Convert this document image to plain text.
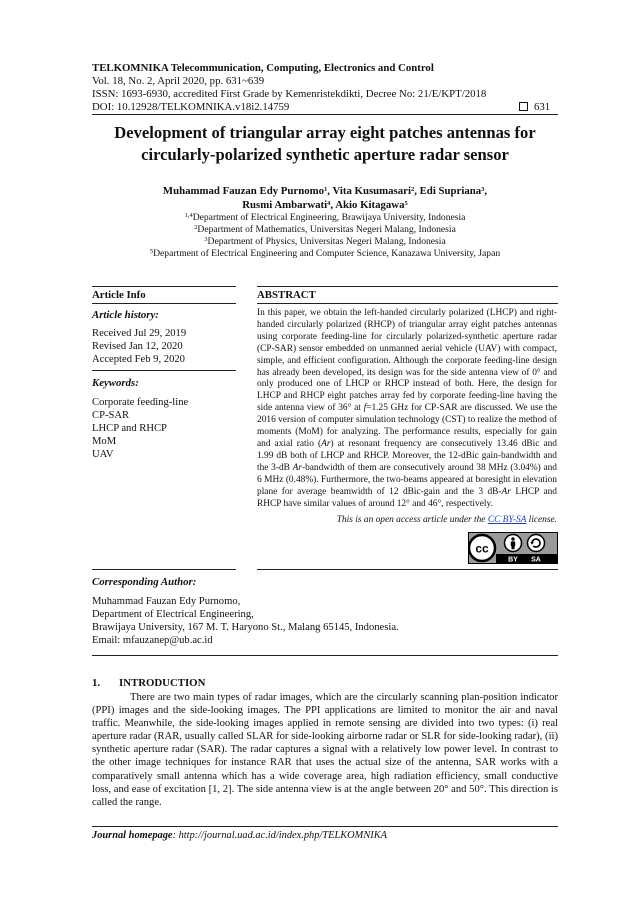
TELKOMNIKA Telecommunication, Computing, Electronics and Control
Vol. 18, No. 2, April 2020, pp. 631~639
ISSN: 1693-6930, accredited First Grade by Kemenristekdikti, Decree No: 21/E/KPT/2018
DOI: 10.12928/TELKOMNIKA.v18i2.14759	631
Development of triangular array eight patches antennas for
circularly-polarized synthetic aperture radar sensor
Muhammad Fauzan Edy Purnomo$^1$, Vita Kusumasari$^2$, Edi Supriana$^3$,
Rusmi Ambarwati$^4$, Akio Kitagawa$^5$
$^{1,4}$Department of Electrical Engineering, Brawijaya University, Indonesia
$^2$Department of Mathematics, Universitas Negeri Malang, Indonesia
$^3$Department of Physics, Universitas Negeri Malang, Indonesia
$^5$Department of Electrical Engineering and Computer Science, Kanazawa University, Japan
Article Info
Article history:
Received Jul 29, 2019
Revised Jan 12, 2020
Accepted Feb 9, 2020
Keywords:
Corporate feeding-line
CP-SAR
LHCP and RHCP
MoM
UAV
ABSTRACT
In this paper, we obtain the left-handed circularly polarized (LHCP) and right-handed circularly polarized (RHCP) of triangular array eight patches antennas using corporate feeding-line for circularly polarized-synthetic aperture radar (CP-SAR) sensor embedded on unmanned aerial vehicle (UAV) with compact, simple, and efficient configuration. Although the corporate feeding-line design has already been developed, its design was for the side antenna view of 0° and only produced one of LHCP or RHCP instead of both. Here, the design for LHCP and RHCP eight patches array fed by corporate feeding-line having the side antenna view of 36° at f=1.25 GHz for CP-SAR are discussed. We use the 2016 version of computer simulation technology (CST) to realize the method of moments (MoM) for analyzing. The performance results, especially for gain and axial ratio (Ar) at resonant frequency are consecutively 13.46 dBic and 1.99 dB both of LHCP and RHCP. Moreover, the 12-dBic gain-bandwidth and the 3-dB Ar-bandwidth of them are consecutively around 38 MHz (3.04%) and 6 MHz (0.48%). Furthermore, the two-beams appeared at boresight in elevation plane for average beamwidth of 12 dBic-gain and the 3 dB-Ar LHCP and RHCP have similar values of around 12° and 46°, respectively.
This is an open access article under the CC BY-SA license.
cc
BY SA
Corresponding Author:
Muhammad Fauzan Edy Purnomo,
Department of Electrical Engineering,
Brawijaya University, 167 M. T. Haryono St., Malang 65145, Indonesia.
Email: mfauzanep@ub.ac.id
1.       INTRODUCTION
There are two main types of radar images, which are the circularly scanning plan-position indicator (PPI) images and the side-looking images. The PPI applications are limited to monitor the air and naval traffic. Meanwhile, the side-looking images applied in remote sensing are divided into two types: (i) real aperture radar (RAR, usually called SLAR for side-looking airborne radar or SLR for side-looking radar), (ii) synthetic aperture radar (SAR). The radar captures a signal with a relatively low power level. In contrast to the other image techniques for instance RAR that uses the actual size of the antenna, SAR works with a comparatively small antenna which has a wide coverage area, high radiation efficiency, small conductive loss, and ease of excitation [1, 2]. The side antenna view is at the angle between 20° and 50°. This direction is called the range.
Journal homepage: http://journal.uad.ac.id/index.php/TELKOMNIKA
